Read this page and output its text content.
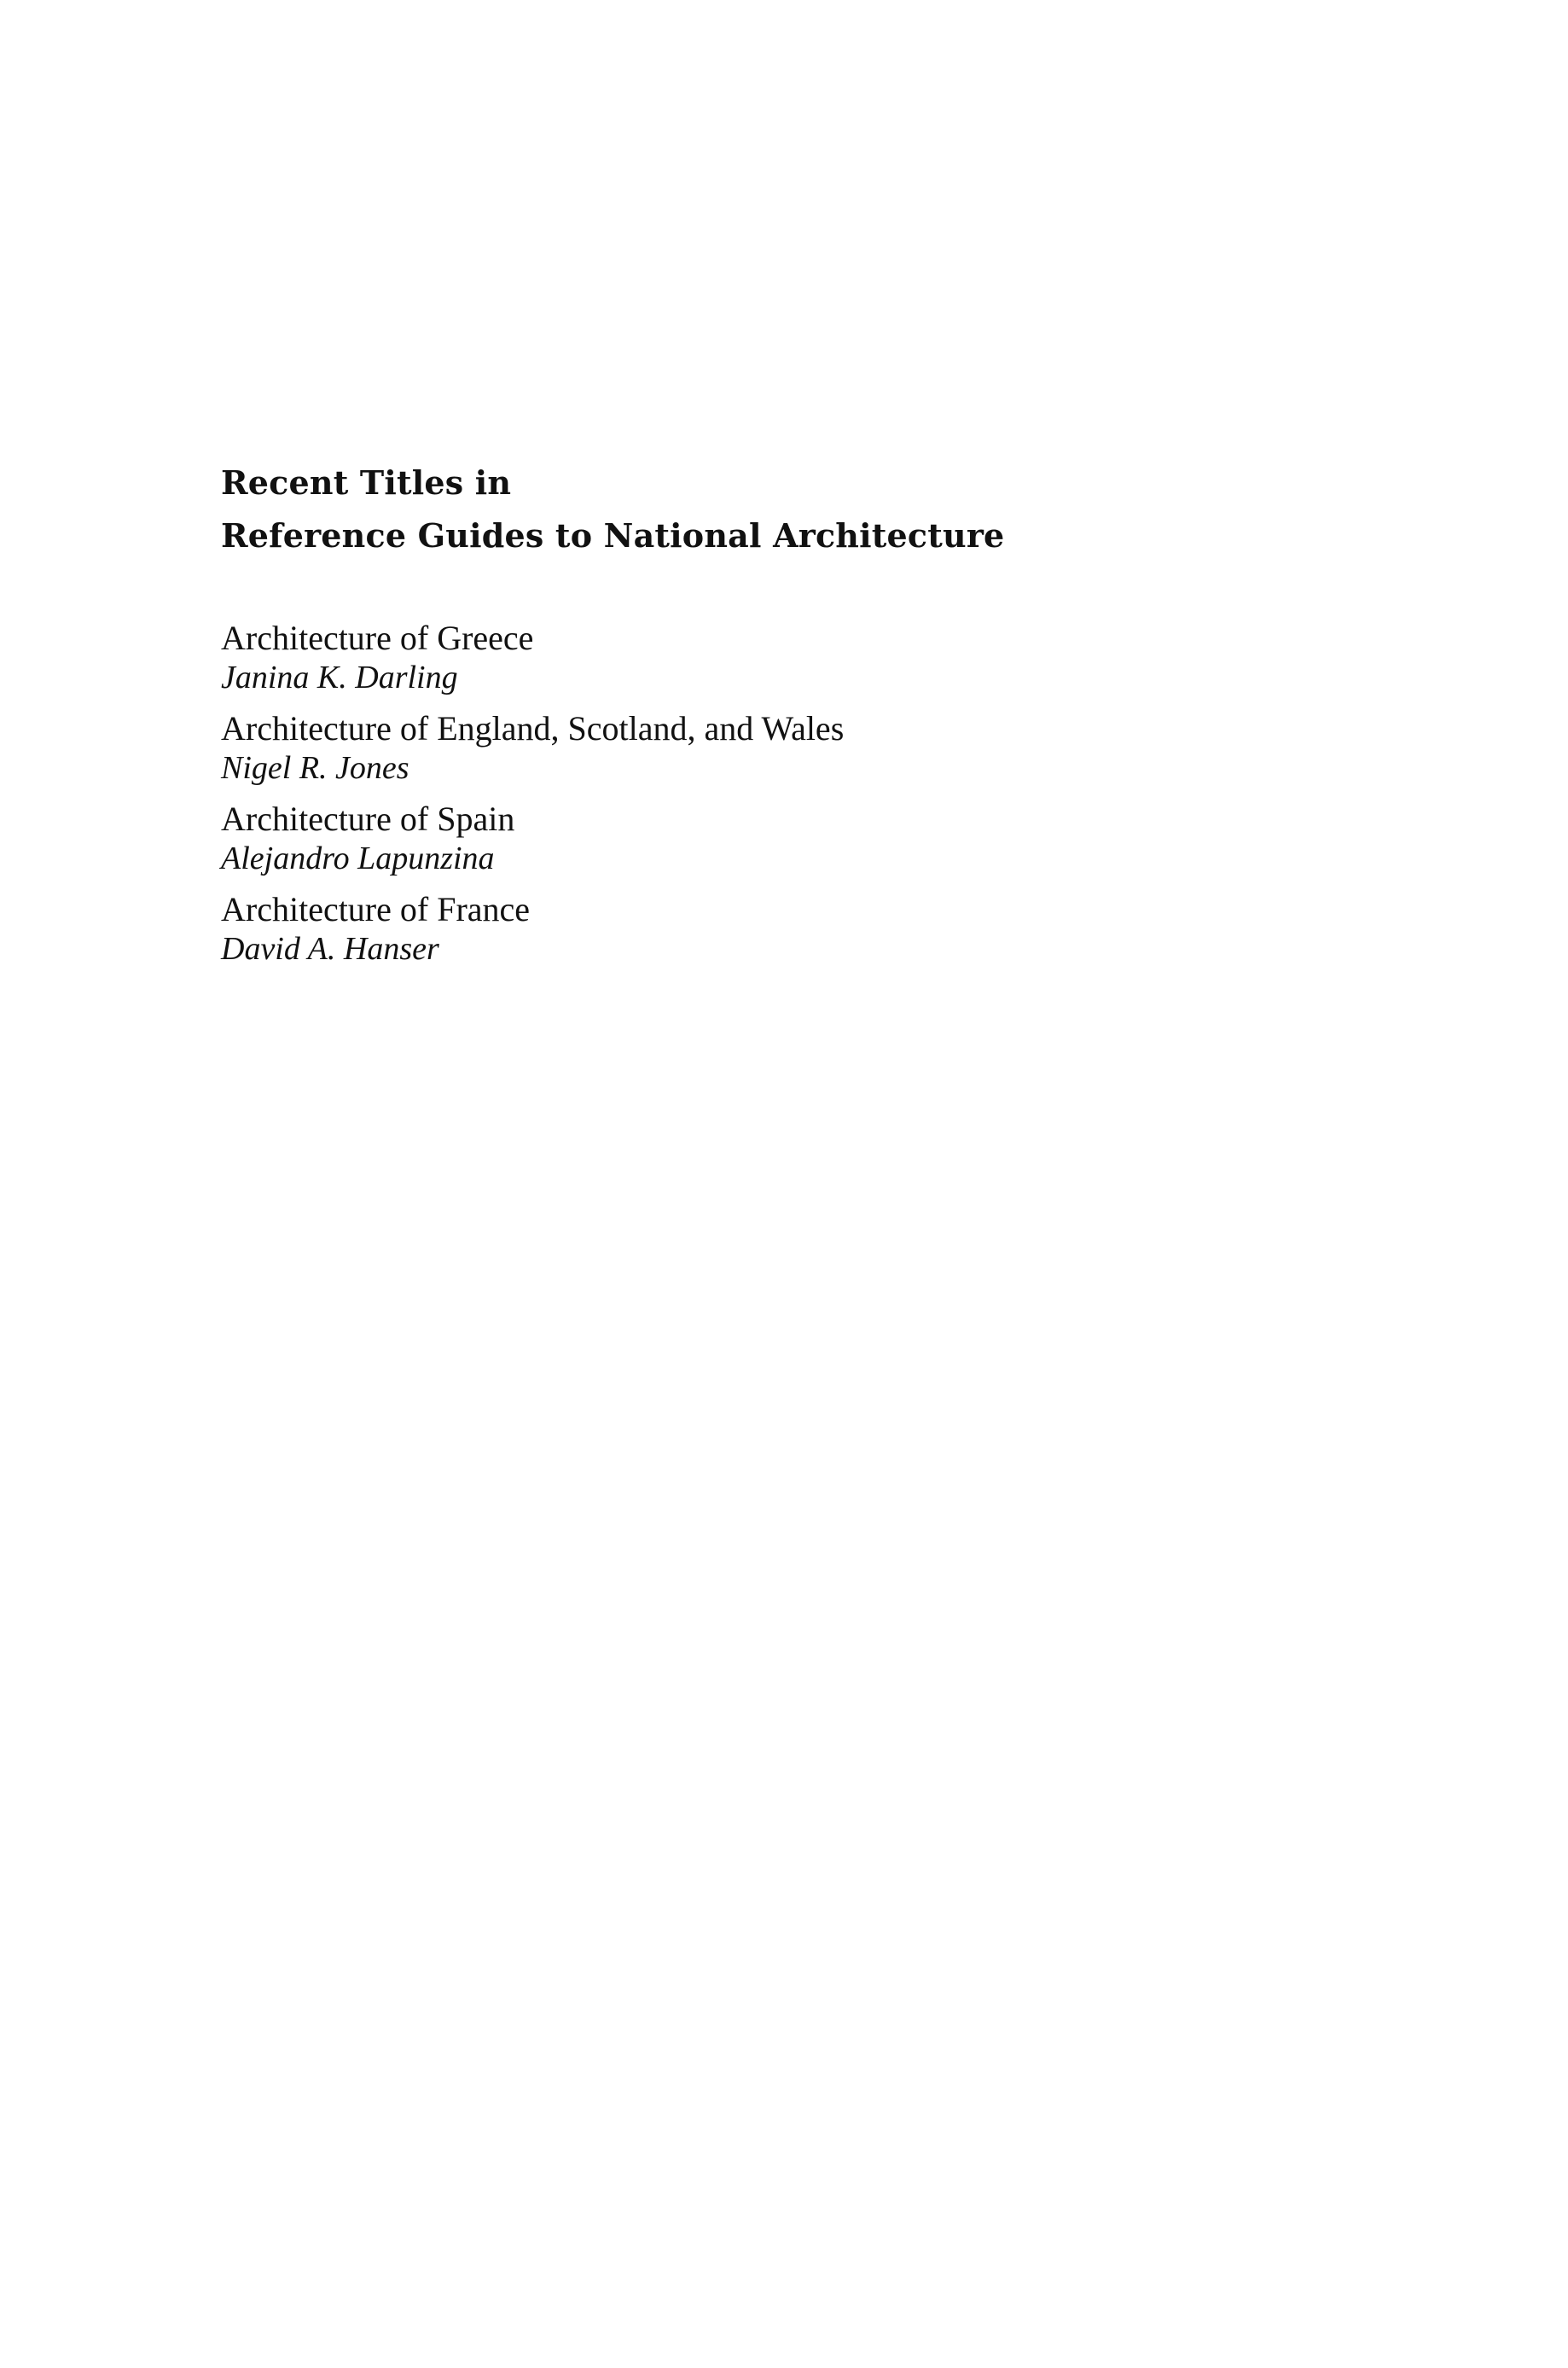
Recent Titles in
Reference Guides to National Architecture
Architecture of Greece
Janina K. Darling
Architecture of England, Scotland, and Wales
Nigel R. Jones
Architecture of Spain
Alejandro Lapunzina
Architecture of France
David A. Hanser
